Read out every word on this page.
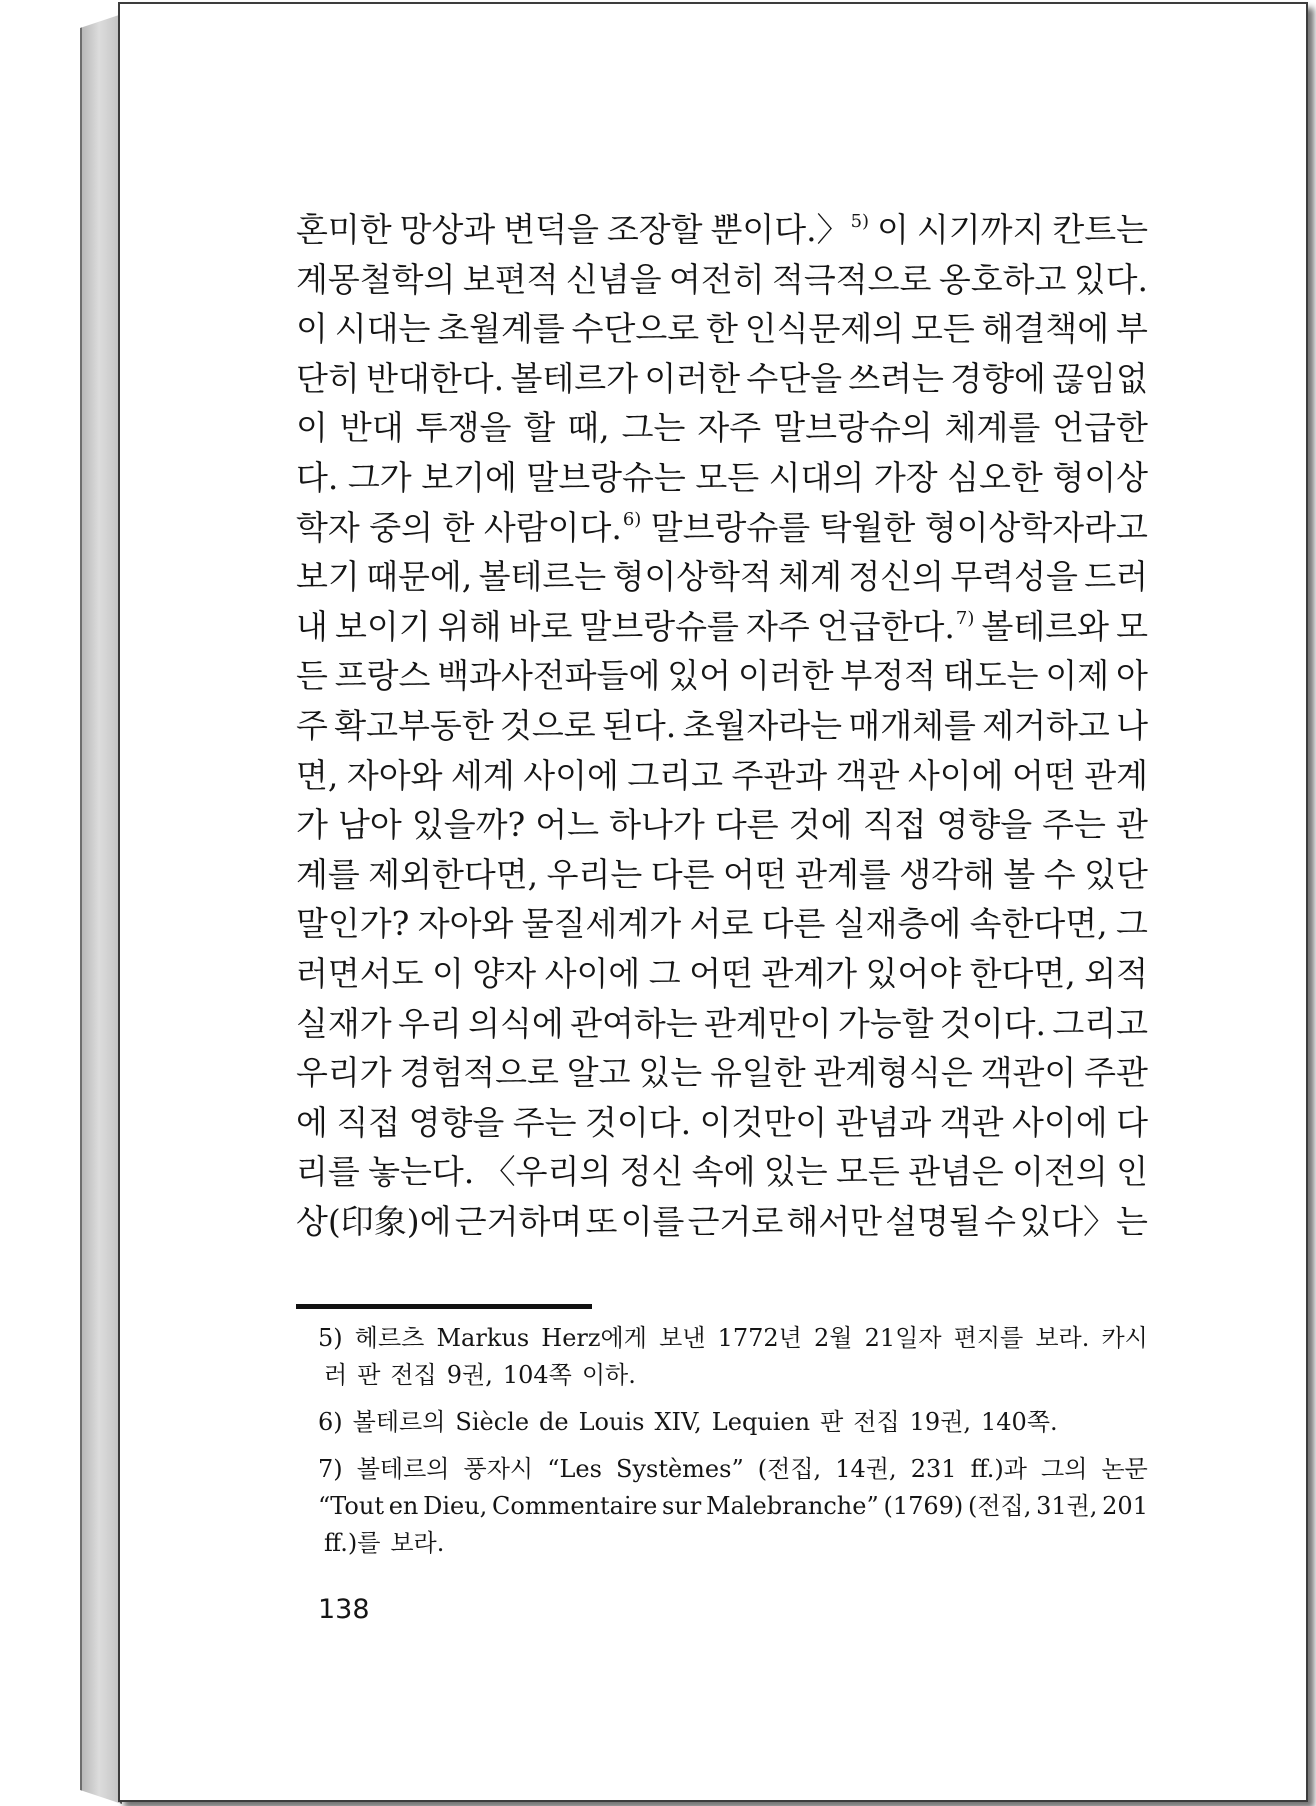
혼미한 망상과 변덕을 조장할 뿐이다.〉$^{5)}$ 이 시기까지 칸트는
계몽철학의 보편적 신념을 여전히 적극적으로 옹호하고 있다.
이 시대는 초월계를 수단으로 한 인식문제의 모든 해결책에 부
단히 반대한다. 볼테르가 이러한 수단을 쓰려는 경향에 끊임없
이 반대 투쟁을 할 때, 그는 자주 말브랑슈의 체계를 언급한
다. 그가 보기에 말브랑슈는 모든 시대의 가장 심오한 형이상
학자 중의 한 사람이다.$^{6)}$ 말브랑슈를 탁월한 형이상학자라고
보기 때문에, 볼테르는 형이상학적 체계 정신의 무력성을 드러
내 보이기 위해 바로 말브랑슈를 자주 언급한다.$^{7)}$ 볼테르와 모
든 프랑스 백과사전파들에 있어 이러한 부정적 태도는 이제 아
주 확고부동한 것으로 된다. 초월자라는 매개체를 제거하고 나
면, 자아와 세계 사이에 그리고 주관과 객관 사이에 어떤 관계
가 남아 있을까? 어느 하나가 다른 것에 직접 영향을 주는 관
계를 제외한다면, 우리는 다른 어떤 관계를 생각해 볼 수 있단
말인가? 자아와 물질세계가 서로 다른 실재층에 속한다면, 그
러면서도 이 양자 사이에 그 어떤 관계가 있어야 한다면, 외적
실재가 우리 의식에 관여하는 관계만이 가능할 것이다. 그리고
우리가 경험적으로 알고 있는 유일한 관계형식은 객관이 주관
에 직접 영향을 주는 것이다. 이것만이 관념과 객관 사이에 다
리를 놓는다. 〈우리의 정신 속에 있는 모든 관념은 이전의 인
상(印象)에 근거하며 또 이를 근거로 해서만 설명될 수 있다〉는
5) 헤르츠 Markus Herz에게 보낸 1772년 2월 21일자 편지를 보라. 카시
러 판 전집 9권, 104쪽 이하.
6) 볼테르의 Siècle de Louis XIV, Lequien 판 전집 19권, 140쪽.
7) 볼테르의 풍자시 “Les Systèmes” (전집, 14권, 231 ff.)과 그의 논문
“Tout en Dieu, Commentaire sur Malebranche” (1769) (전집, 31권, 201
ff.)를 보라.
138
